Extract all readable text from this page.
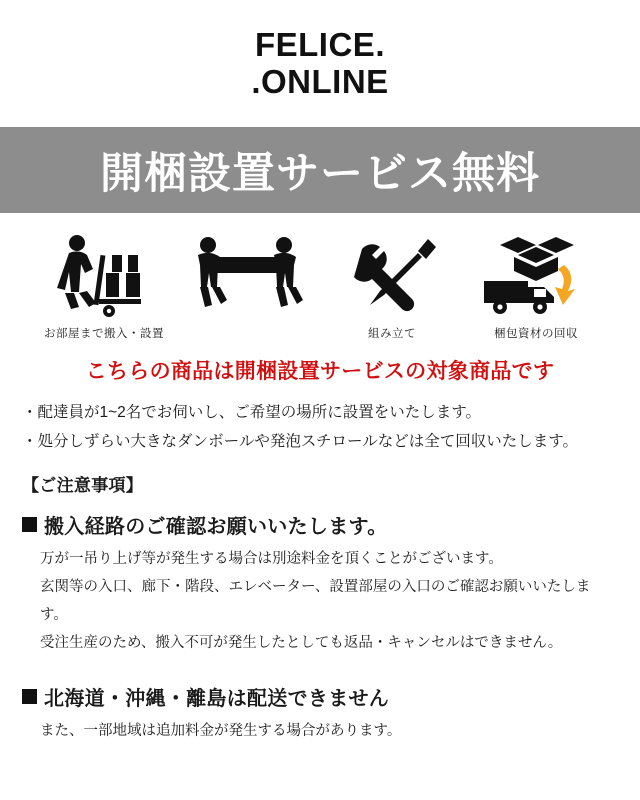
FELICE.
.ONLINE
開梱設置サービス無料
お部屋まで搬入・設置	組み立て	梱包資材の回収
こちらの商品は開梱設置サービスの対象商品です
・配達員が1~2名でお伺いし、ご希望の場所に設置をいたします。
・処分しずらい大きなダンボールや発泡スチロールなどは全て回収いたします。
【ご注意事項】
搬入経路のご確認お願いいたします。
万が一吊り上げ等が発生する場合は別途料金を頂くことがございます。
玄関等の入口、廊下・階段、エレベーター、設置部屋の入口のご確認お願いいたします。
受注生産のため、搬入不可が発生したとしても返品・キャンセルはできません。
北海道・沖縄・離島は配送できません
また、一部地域は追加料金が発生する場合があります。
